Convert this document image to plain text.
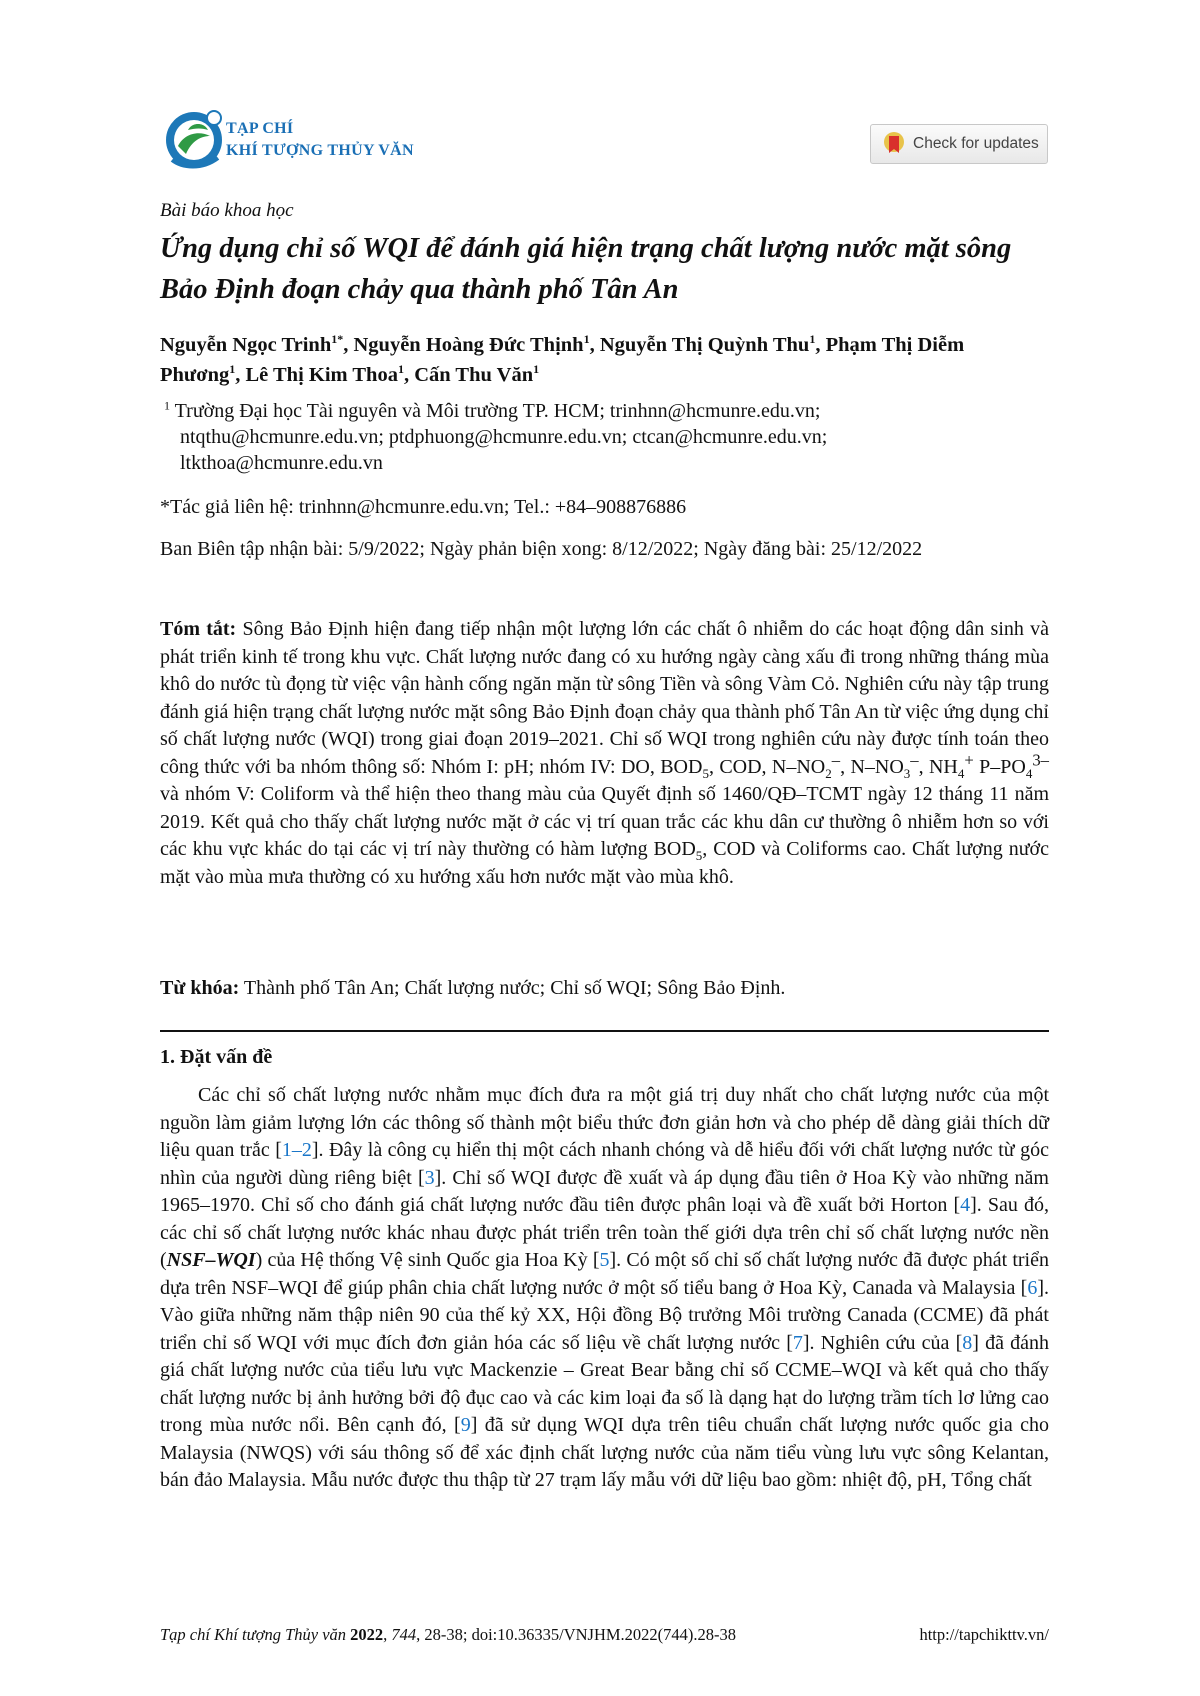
TẠP CHÍ
KHÍ TƯỢNG THỦY VĂN	Check for updates
Bài báo khoa học
Ứng dụng chỉ số WQI để đánh giá hiện trạng chất lượng nước mặt sông Bảo Định đoạn chảy qua thành phố Tân An
Nguyễn Ngọc Trinh$^{1*}$, Nguyễn Hoàng Đức Thịnh$^1$, Nguyễn Thị Quỳnh Thu$^1$, Phạm Thị Diễm Phương$^1$, Lê Thị Kim Thoa$^1$, Cấn Thu Văn$^1$
$^1$ Trường Đại học Tài nguyên và Môi trường TP. HCM; trinhnn@hcmunre.edu.vn;
ntqthu@hcmunre.edu.vn; ptdphuong@hcmunre.edu.vn; ctcan@hcmunre.edu.vn;
ltkthoa@hcmunre.edu.vn
*Tác giả liên hệ: trinhnn@hcmunre.edu.vn; Tel.: +84–908876886
Ban Biên tập nhận bài: 5/9/2022; Ngày phản biện xong: 8/12/2022; Ngày đăng bài: 25/12/2022

Tóm tắt: Sông Bảo Định hiện đang tiếp nhận một lượng lớn các chất ô nhiễm do các hoạt động dân sinh và phát triển kinh tế trong khu vực. Chất lượng nước đang có xu hướng ngày càng xấu đi trong những tháng mùa khô do nước tù đọng từ việc vận hành cống ngăn mặn từ sông Tiền và sông Vàm Cỏ. Nghiên cứu này tập trung đánh giá hiện trạng chất lượng nước mặt sông Bảo Định đoạn chảy qua thành phố Tân An từ việc ứng dụng chỉ số chất lượng nước (WQI) trong giai đoạn 2019–2021. Chỉ số WQI trong nghiên cứu này được tính toán theo công thức với ba nhóm thông số: Nhóm I: pH; nhóm IV: DO, $BOD_5$, COD, $N-NO_2^-$, $N-NO_3^-$, $NH_4^+$ $P-PO_4^{3-}$ và nhóm V: Coliform và thể hiện theo thang màu của Quyết định số 1460/QĐ–TCMT ngày 12 tháng 11 năm 2019. Kết quả cho thấy chất lượng nước mặt ở các vị trí quan trắc các khu dân cư thường ô nhiễm hơn so với các khu vực khác do tại các vị trí này thường có hàm lượng $BOD_5$, COD và Coliforms cao. Chất lượng nước mặt vào mùa mưa thường có xu hướng xấu hơn nước mặt vào mùa khô.

Từ khóa: Thành phố Tân An; Chất lượng nước; Chỉ số WQI; Sông Bảo Định.
1. Đặt vấn đề

Các chỉ số chất lượng nước nhằm mục đích đưa ra một giá trị duy nhất cho chất lượng nước của một nguồn làm giảm lượng lớn các thông số thành một biểu thức đơn giản hơn và cho phép dễ dàng giải thích dữ liệu quan trắc [1–2]. Đây là công cụ hiển thị một cách nhanh chóng và dễ hiểu đối với chất lượng nước từ góc nhìn của người dùng riêng biệt [3]. Chỉ số WQI được đề xuất và áp dụng đầu tiên ở Hoa Kỳ vào những năm 1965–1970. Chỉ số cho đánh giá chất lượng nước đầu tiên được phân loại và đề xuất bởi Horton [4]. Sau đó, các chỉ số chất lượng nước khác nhau được phát triển trên toàn thế giới dựa trên chỉ số chất lượng nước nền (NSF–WQI) của Hệ thống Vệ sinh Quốc gia Hoa Kỳ [5]. Có một số chỉ số chất lượng nước đã được phát triển dựa trên NSF–WQI để giúp phân chia chất lượng nước ở một số tiểu bang ở Hoa Kỳ, Canada và Malaysia [6]. Vào giữa những năm thập niên 90 của thế kỷ XX, Hội đồng Bộ trưởng Môi trường Canada (CCME) đã phát triển chỉ số WQI với mục đích đơn giản hóa các số liệu về chất lượng nước [7]. Nghiên cứu của [8] đã đánh giá chất lượng nước của tiểu lưu vực Mackenzie – Great Bear bằng chỉ số CCME–WQI và kết quả cho thấy chất lượng nước bị ảnh hưởng bởi độ đục cao và các kim loại đa số là dạng hạt do lượng trầm tích lơ lửng cao trong mùa nước nổi. Bên cạnh đó, [9] đã sử dụng WQI dựa trên tiêu chuẩn chất lượng nước quốc gia cho Malaysia (NWQS) với sáu thông số để xác định chất lượng nước của năm tiểu vùng lưu vực sông Kelantan, bán đảo Malaysia. Mẫu nước được thu thập từ 27 trạm lấy mẫu với dữ liệu bao gồm: nhiệt độ, pH, Tổng chất

Tạp chí Khí tượng Thủy văn 2022, 744, 28-38; doi:10.36335/VNJHM.2022(744).28-38	http://tapchikttv.vn/
